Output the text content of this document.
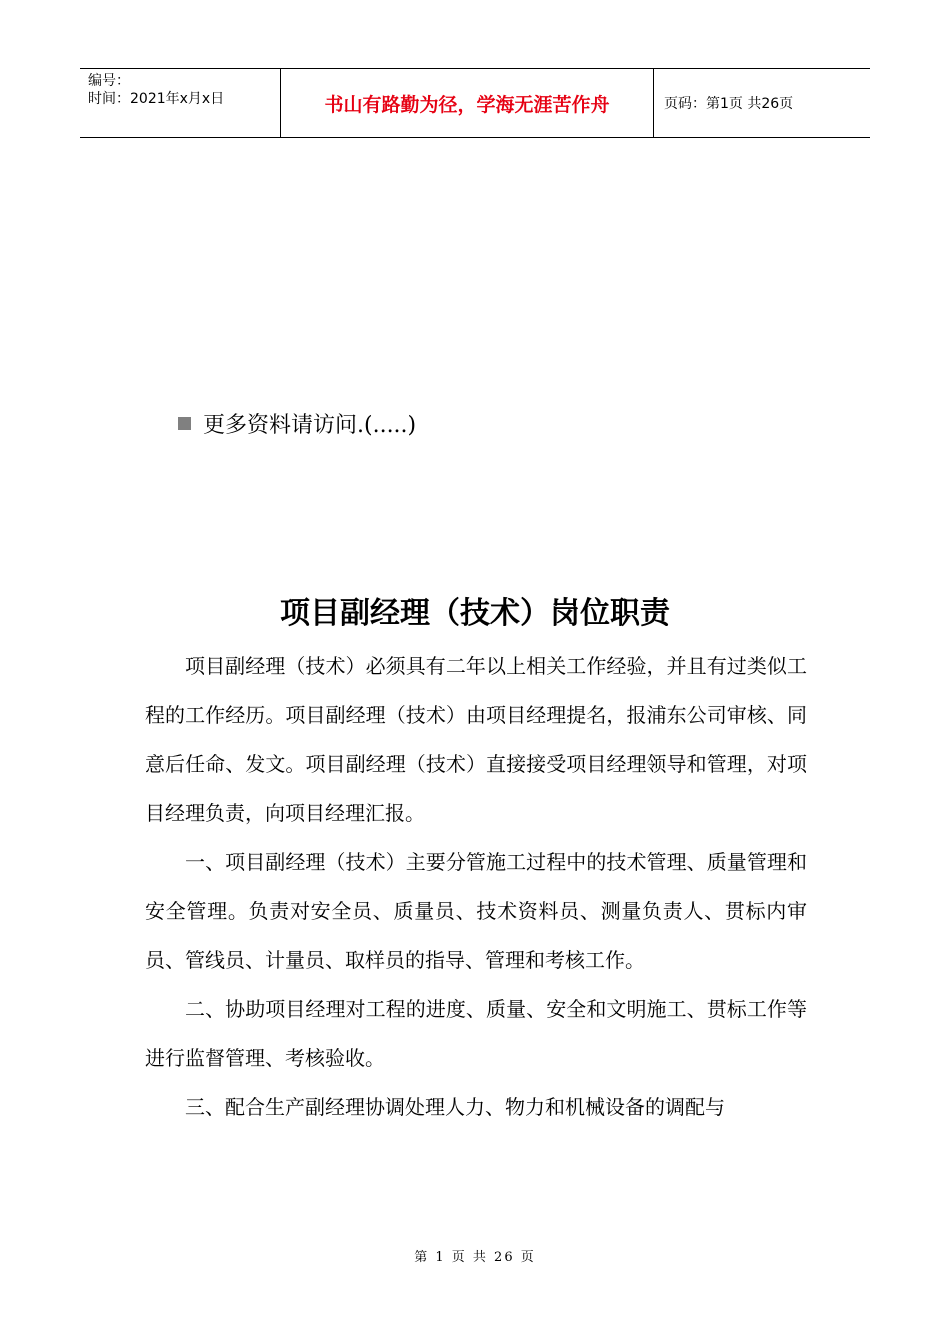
编号：
时间：2021年x月x日	书山有路勤为径，学海无涯苦作舟	页码：第1页 共26页
更多资料请访问.(.....)
项目副经理（技术）岗位职责

项目副经理（技术）必须具有二年以上相关工作经验，并且有过类似工程的工作经历。项目副经理（技术）由项目经理提名，报浦东公司审核、同意后任命、发文。项目副经理（技术）直接接受项目经理领导和管理，对项目经理负责，向项目经理汇报。

一、项目副经理（技术）主要分管施工过程中的技术管理、质量管理和安全管理。负责对安全员、质量员、技术资料员、测量负责人、贯标内审员、管线员、计量员、取样员的指导、管理和考核工作。

二、协助项目经理对工程的进度、质量、安全和文明施工、贯标工作等进行监督管理、考核验收。

三、配合生产副经理协调处理人力、物力和机械设备的调配与

第 1 页 共 26 页
